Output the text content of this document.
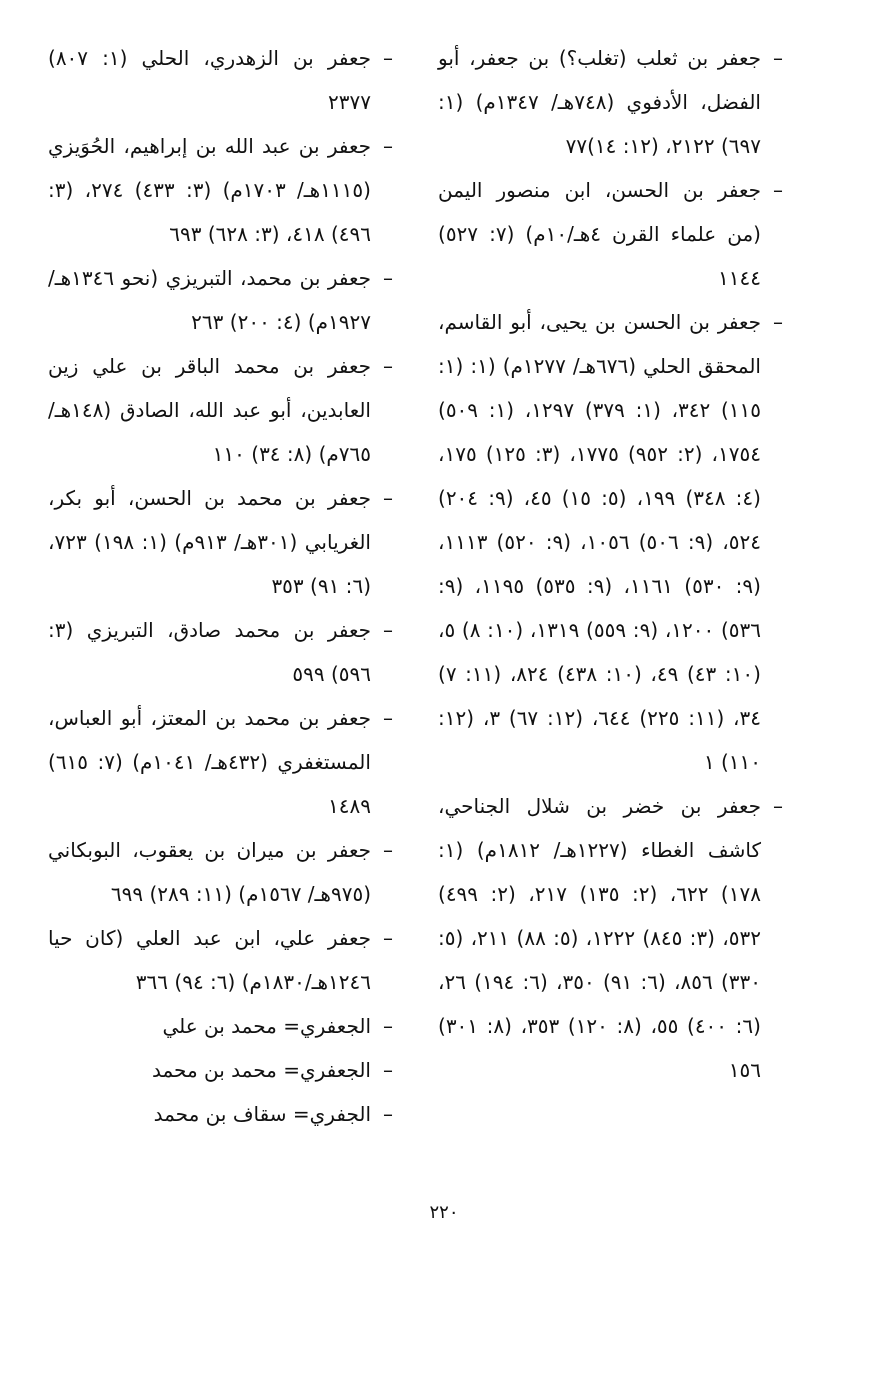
– جعفر بن ثعلب (تغلب؟) بن جعفر، أبو الفضل، الأدفوي (٧٤٨هـ/ ١٣٤٧م) (١: ٦٩٧) ٢١٢٢، (١٢: ١٤)٧٧

– جعفر بن الحسن، ابن منصور اليمن (من علماء القرن ٤هـ/١٠م) (٧: ٥٢٧) ١١٤٤

– جعفر بن الحسن بن يحيى، أبو القاسم، المحقق الحلي (٦٧٦هـ/ ١٢٧٧م) (١: (١: ١١٥) ٣٤٢، (١: ٣٧٩) ١٢٩٧، (١: ٥٠٩) ١٧٥٤، (٢: ٩٥٢) ١٧٧٥، (٣: ١٢٥) ١٧٥، (٤: ٣٤٨) ١٩٩، (٥: ١٥) ٤٥، (٩: ٢٠٤) ٥٢٤، (٩: ٥٠٦) ١٠٥٦، (٩: ٥٢٠) ١١١٣، (٩: ٥٣٠) ١١٦١، (٩: ٥٣٥) ١١٩٥، (٩: ٥٣٦) ١٢٠٠، (٩: ٥٥٩) ١٣١٩، (١٠: ٨) ٥، (١٠: ٤٣) ٤٩، (١٠: ٤٣٨) ٨٢٤، (١١: ٧) ٣٤، (١١: ٢٢٥) ٦٤٤، (١٢: ٦٧) ٣، (١٢: ١١٠) ١

– جعفر بن خضر بن شلال الجناحي، كاشف الغطاء (١٢٢٧هـ/ ١٨١٢م) (١: ١٧٨) ٦٢٢، (٢: ١٣٥) ٢١٧، (٢: ٤٩٩) ٥٣٢، (٣: ٨٤٥) ١٢٢٢، (٥: ٨٨) ٢١١، (٥: ٣٣٠) ٨٥٦، (٦: ٩١) ٣٥٠، (٦: ١٩٤) ٢٦، (٦: ٤٠٠) ٥٥، (٨: ١٢٠) ٣٥٣، (٨: ٣٠١) ١٥٦

– جعفر بن الزهدري، الحلي (١: ٨٠٧) ٢٣٧٧

– جعفر بن عبد الله بن إبراهيم، الحُوَيزي (١١١٥هـ/ ١٧٠٣م) (٣: ٤٣٣) ٢٧٤، (٣: ٤٩٦) ٤١٨، (٣: ٦٢٨) ٦٩٣

– جعفر بن محمد، التبريزي (نحو ١٣٤٦هـ/ ١٩٢٧م) (٤: ٢٠٠) ٢٦٣

– جعفر بن محمد الباقر بن علي زين العابدين، أبو عبد الله، الصادق (١٤٨هـ/ ٧٦٥م) (٨: ٣٤) ١١٠

– جعفر بن محمد بن الحسن، أبو بكر، الغريابي (٣٠١هـ/ ٩١٣م) (١: ١٩٨) ٧٢٣، (٦: ٩١) ٣٥٣

– جعفر بن محمد صادق، التبريزي (٣: ٥٩٦) ٥٩٩

– جعفر بن محمد بن المعتز، أبو العباس، المستغفري (٤٣٢هـ/ ١٠٤١م) (٧: ٦١٥) ١٤٨٩

– جعفر بن ميران بن يعقوب، البوبكاني (٩٧٥هـ/ ١٥٦٧م) (١١: ٢٨٩) ٦٩٩

– جعفر علي، ابن عبد العلي (كان حيا ١٢٤٦هـ/١٨٣٠م) (٦: ٩٤) ٣٦٦

– الجعفري= محمد بن علي

– الجعفري= محمد بن محمد

– الجفري= سقاف بن محمد

٢٢٠
